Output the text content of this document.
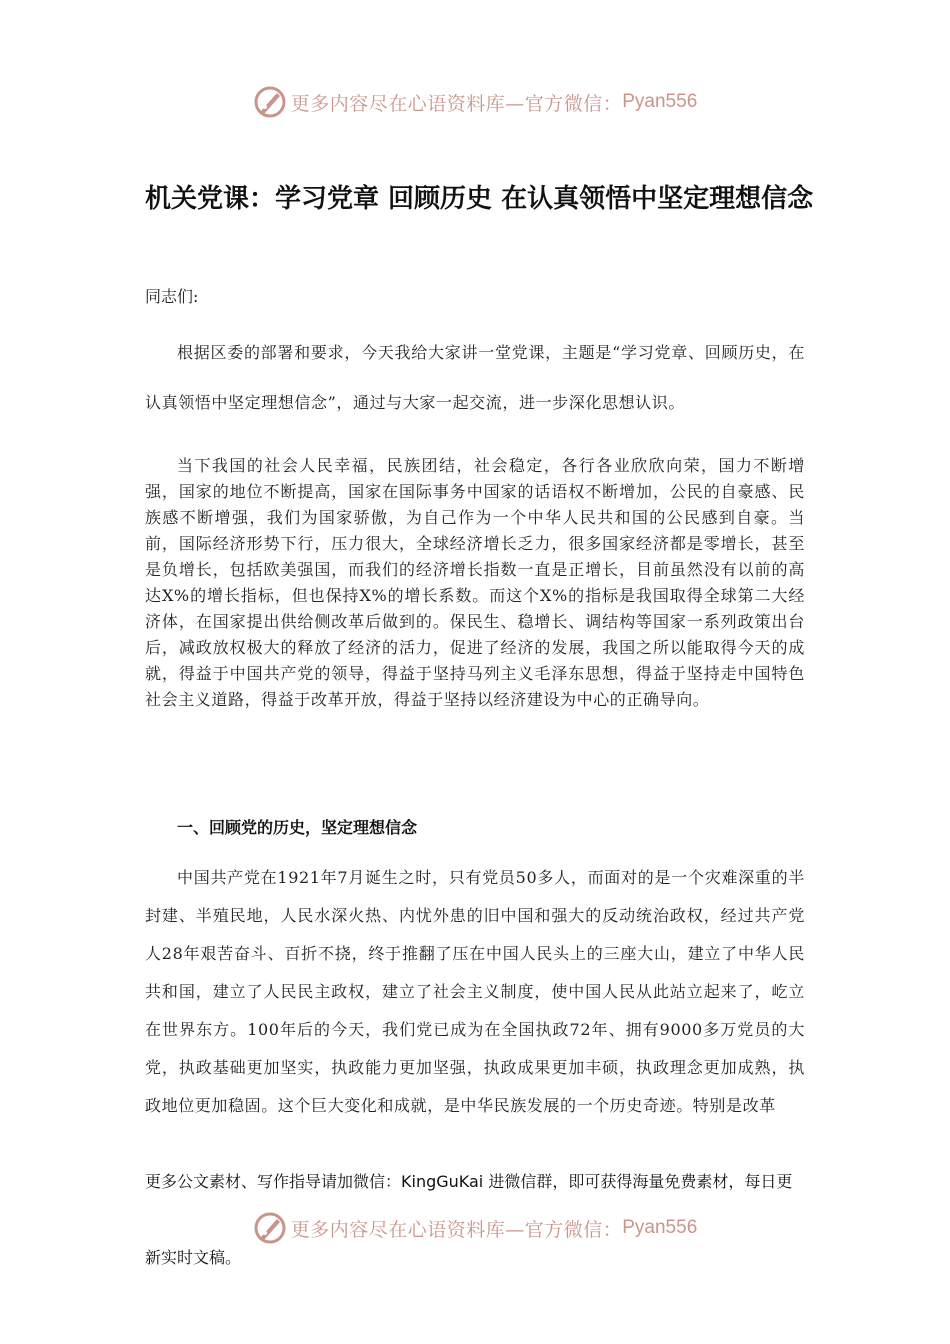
更多内容尽在心语资料库—官方微信： Pyan556
机关党课：学习党章 回顾历史 在认真领悟中坚定理想信念
同志们:

根据区委的部署和要求，今天我给大家讲一堂党课，主题是“学习党章、回顾历史，在认真领悟中坚定理想信念”，通过与大家一起交流，进一步深化思想认识。

当下我国的社会人民幸福，民族团结，社会稳定，各行各业欣欣向荣，国力不断增强，国家的地位不断提高，国家在国际事务中国家的话语权不断增加，公民的自豪感、民族感不断增强，我们为国家骄傲，为自己作为一个中华人民共和国的公民感到自豪。当前，国际经济形势下行，压力很大，全球经济增长乏力，很多国家经济都是零增长，甚至是负增长，包括欧美强国，而我们的经济增长指数一直是正增长，目前虽然没有以前的高达X%的增长指标，但也保持X%的增长系数。而这个X%的指标是我国取得全球第二大经济体，在国家提出供给侧改革后做到的。保民生、稳增长、调结构等国家一系列政策出台后，减政放权极大的释放了经济的活力，促进了经济的发展，我国之所以能取得今天的成就，得益于中国共产党的领导，得益于坚持马列主义毛泽东思想，得益于坚持走中国特色社会主义道路，得益于改革开放，得益于坚持以经济建设为中心的正确导向。

一、回顾党的历史，坚定理想信念

中国共产党在1921年7月诞生之时，只有党员50多人，而面对的是一个灾难深重的半封建、半殖民地，人民水深火热、内忧外患的旧中国和强大的反动统治政权，经过共产党人28年艰苦奋斗、百折不挠，终于推翻了压在中国人民头上的三座大山，建立了中华人民共和国，建立了人民民主政权，建立了社会主义制度，使中国人民从此站立起来了，屹立在世界东方。100年后的今天，我们党已成为在全国执政72年、拥有9000多万党员的大党，执政基础更加坚实，执政能力更加坚强，执政成果更加丰硕，执政理念更加成熟，执政地位更加稳固。这个巨大变化和成就，是中华民族发展的一个历史奇迹。特别是改革

更多公文素材、写作指导请加微信：KingGuKai 进微信群，即可获得海量免费素材，每日更
更多内容尽在心语资料库—官方微信： Pyan556
新实时文稿。
